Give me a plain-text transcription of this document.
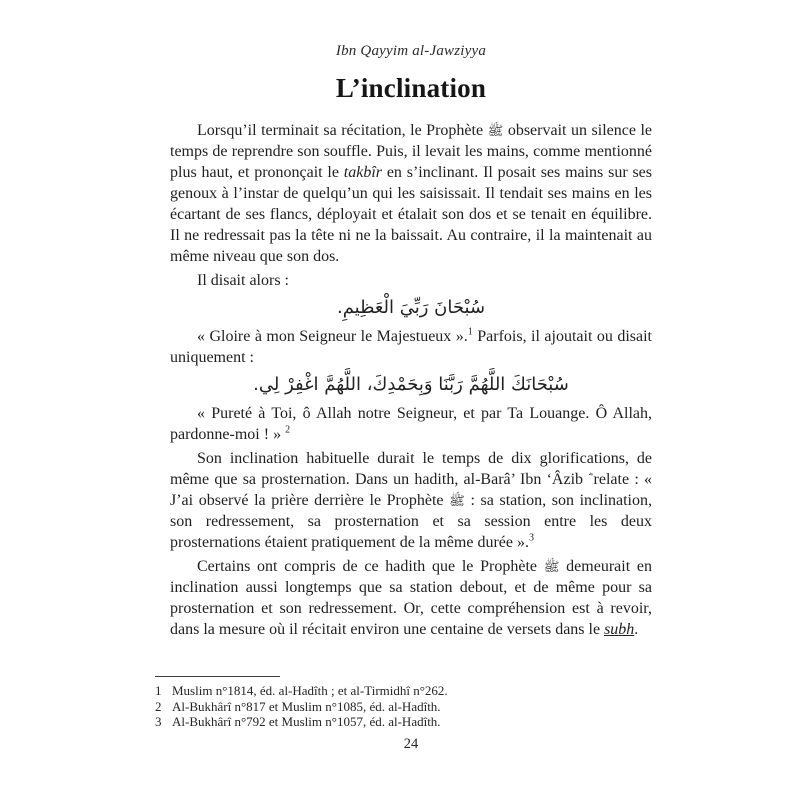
Ibn Qayyim al-Jawziyya
L’inclination

Lorsqu’il terminait sa récitation, le Prophète ﷺ observait un silence le temps de reprendre son souffle. Puis, il levait les mains, comme mentionné plus haut, et prononçait le takbîr en s’inclinant. Il posait ses mains sur ses genoux à l’instar de quelqu’un qui les saisissait. Il tendait ses mains en les écartant de ses flancs, déployait et étalait son dos et se tenait en équilibre. Il ne redressait pas la tête ni ne la baissait. Au contraire, il la maintenait au même niveau que son dos.

Il disait alors :

سُبْحَانَ رَبِّيَ الْعَظِيمِ.

« Gloire à mon Seigneur le Majestueux ».$^1$ Parfois, il ajoutait ou disait uniquement :

سُبْحَانَكَ اللَّهُمَّ رَبَّنَا وَبِحَمْدِكَ، اللَّهُمَّ اغْفِرْ لِي.

« Pureté à Toi, ô Allah notre Seigneur, et par Ta Louange. Ô Allah, pardonne-moi ! » $^2$

Son inclination habituelle durait le temps de dix glorifications, de même que sa prosternation. Dans un hadith, al-Barâ’ Ibn ‘Âzib relate : « J’ai observé la prière derrière le Prophète ﷺ : sa station, son inclination, son redressement, sa prosternation et sa session entre les deux prosternations étaient pratiquement de la même durée ».$^3$

Certains ont compris de ce hadith que le Prophète ﷺ demeurait en inclination aussi longtemps que sa station debout, et de même pour sa prosternation et son redressement. Or, cette compréhension est à revoir, dans la mesure où il récitait environ une centaine de versets dans le subh.

1 Muslim n°1814, éd. al-Hadîth ; et al-Tirmidhî n°262.
2 Al-Bukhârî n°817 et Muslim n°1085, éd. al-Hadîth.
3 Al-Bukhârî n°792 et Muslim n°1057, éd. al-Hadîth.
24
